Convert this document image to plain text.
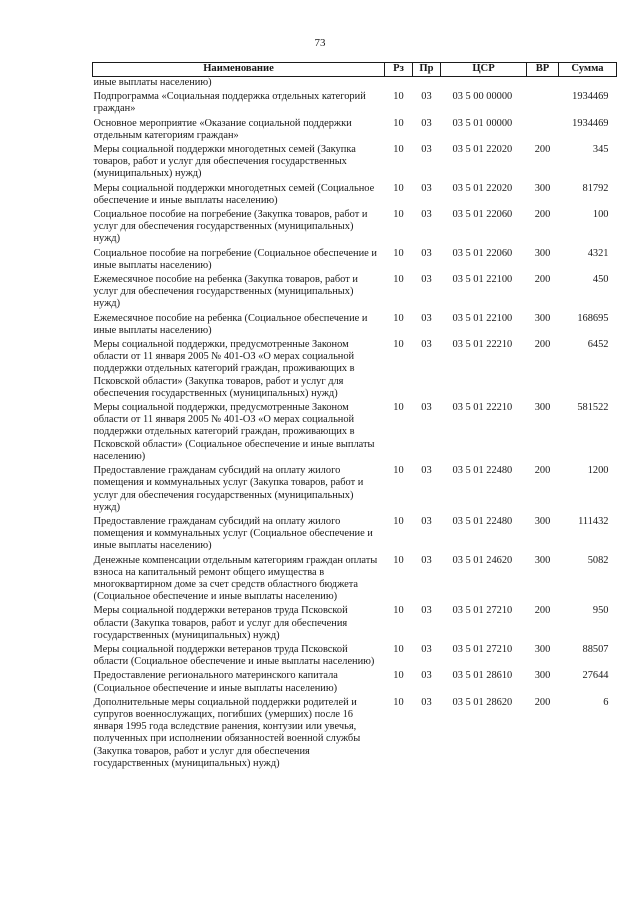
73
Наименование	Рз	Пр	ЦСР	ВР	Сумма
иные выплаты населению)					
Подпрограмма «Социальная поддержка отдельных категорий граждан»	10	03	03 5 00 00000		1934469
Основное мероприятие «Оказание социальной поддержки отдельным категориям граждан»	10	03	03 5 01 00000		1934469
Меры социальной поддержки многодетных семей (Закупка товаров, работ и услуг для обеспечения государственных (муниципальных) нужд)	10	03	03 5 01 22020	200	345
Меры социальной поддержки многодетных семей (Социальное обеспечение и иные выплаты населению)	10	03	03 5 01 22020	300	81792
Социальное пособие на погребение (Закупка товаров, работ и услуг для обеспечения государственных (муниципальных) нужд)	10	03	03 5 01 22060	200	100
Социальное пособие на погребение (Социальное обеспечение и иные выплаты населению)	10	03	03 5 01 22060	300	4321
Ежемесячное пособие на ребенка (Закупка товаров, работ и услуг для обеспечения государственных (муниципальных) нужд)	10	03	03 5 01 22100	200	450
Ежемесячное пособие на ребенка (Социальное обеспечение и иные выплаты населению)	10	03	03 5 01 22100	300	168695
Меры социальной поддержки, предусмотренные Законом области от 11 января 2005 № 401-ОЗ «О мерах социальной поддержки отдельных категорий граждан, проживающих в Псковской области» (Закупка товаров, работ и услуг для обеспечения государственных (муниципальных) нужд)	10	03	03 5 01 22210	200	6452
Меры социальной поддержки, предусмотренные Законом области от 11 января 2005 № 401-ОЗ «О мерах социальной поддержки отдельных категорий граждан, проживающих в Псковской области» (Социальное обеспечение и иные выплаты населению)	10	03	03 5 01 22210	300	581522
Предоставление гражданам субсидий на оплату жилого помещения и коммунальных услуг (Закупка товаров, работ и услуг для обеспечения государственных (муниципальных) нужд)	10	03	03 5 01 22480	200	1200
Предоставление гражданам субсидий на оплату жилого помещения и коммунальных услуг (Социальное обеспечение и иные выплаты населению)	10	03	03 5 01 22480	300	111432
Денежные компенсации отдельным категориям граждан оплаты взноса на капитальный ремонт общего имущества в многоквартирном доме за счет средств областного бюджета (Социальное обеспечение и иные выплаты населению)	10	03	03 5 01 24620	300	5082
Меры социальной поддержки ветеранов труда Псковской области (Закупка товаров, работ и услуг для обеспечения государственных (муниципальных) нужд)	10	03	03 5 01 27210	200	950
Меры социальной поддержки ветеранов труда Псковской области (Социальное обеспечение и иные выплаты населению)	10	03	03 5 01 27210	300	88507
Предоставление регионального материнского капитала (Социальное обеспечение и иные выплаты населению)	10	03	03 5 01 28610	300	27644
Дополнительные меры социальной поддержки родителей и супругов военнослужащих, погибших (умерших) после 16 января 1995 года вследствие ранения, контузии или увечья, полученных при исполнении обязанностей военной службы (Закупка товаров, работ и услуг для обеспечения государственных (муниципальных) нужд)	10	03	03 5 01 28620	200	6
